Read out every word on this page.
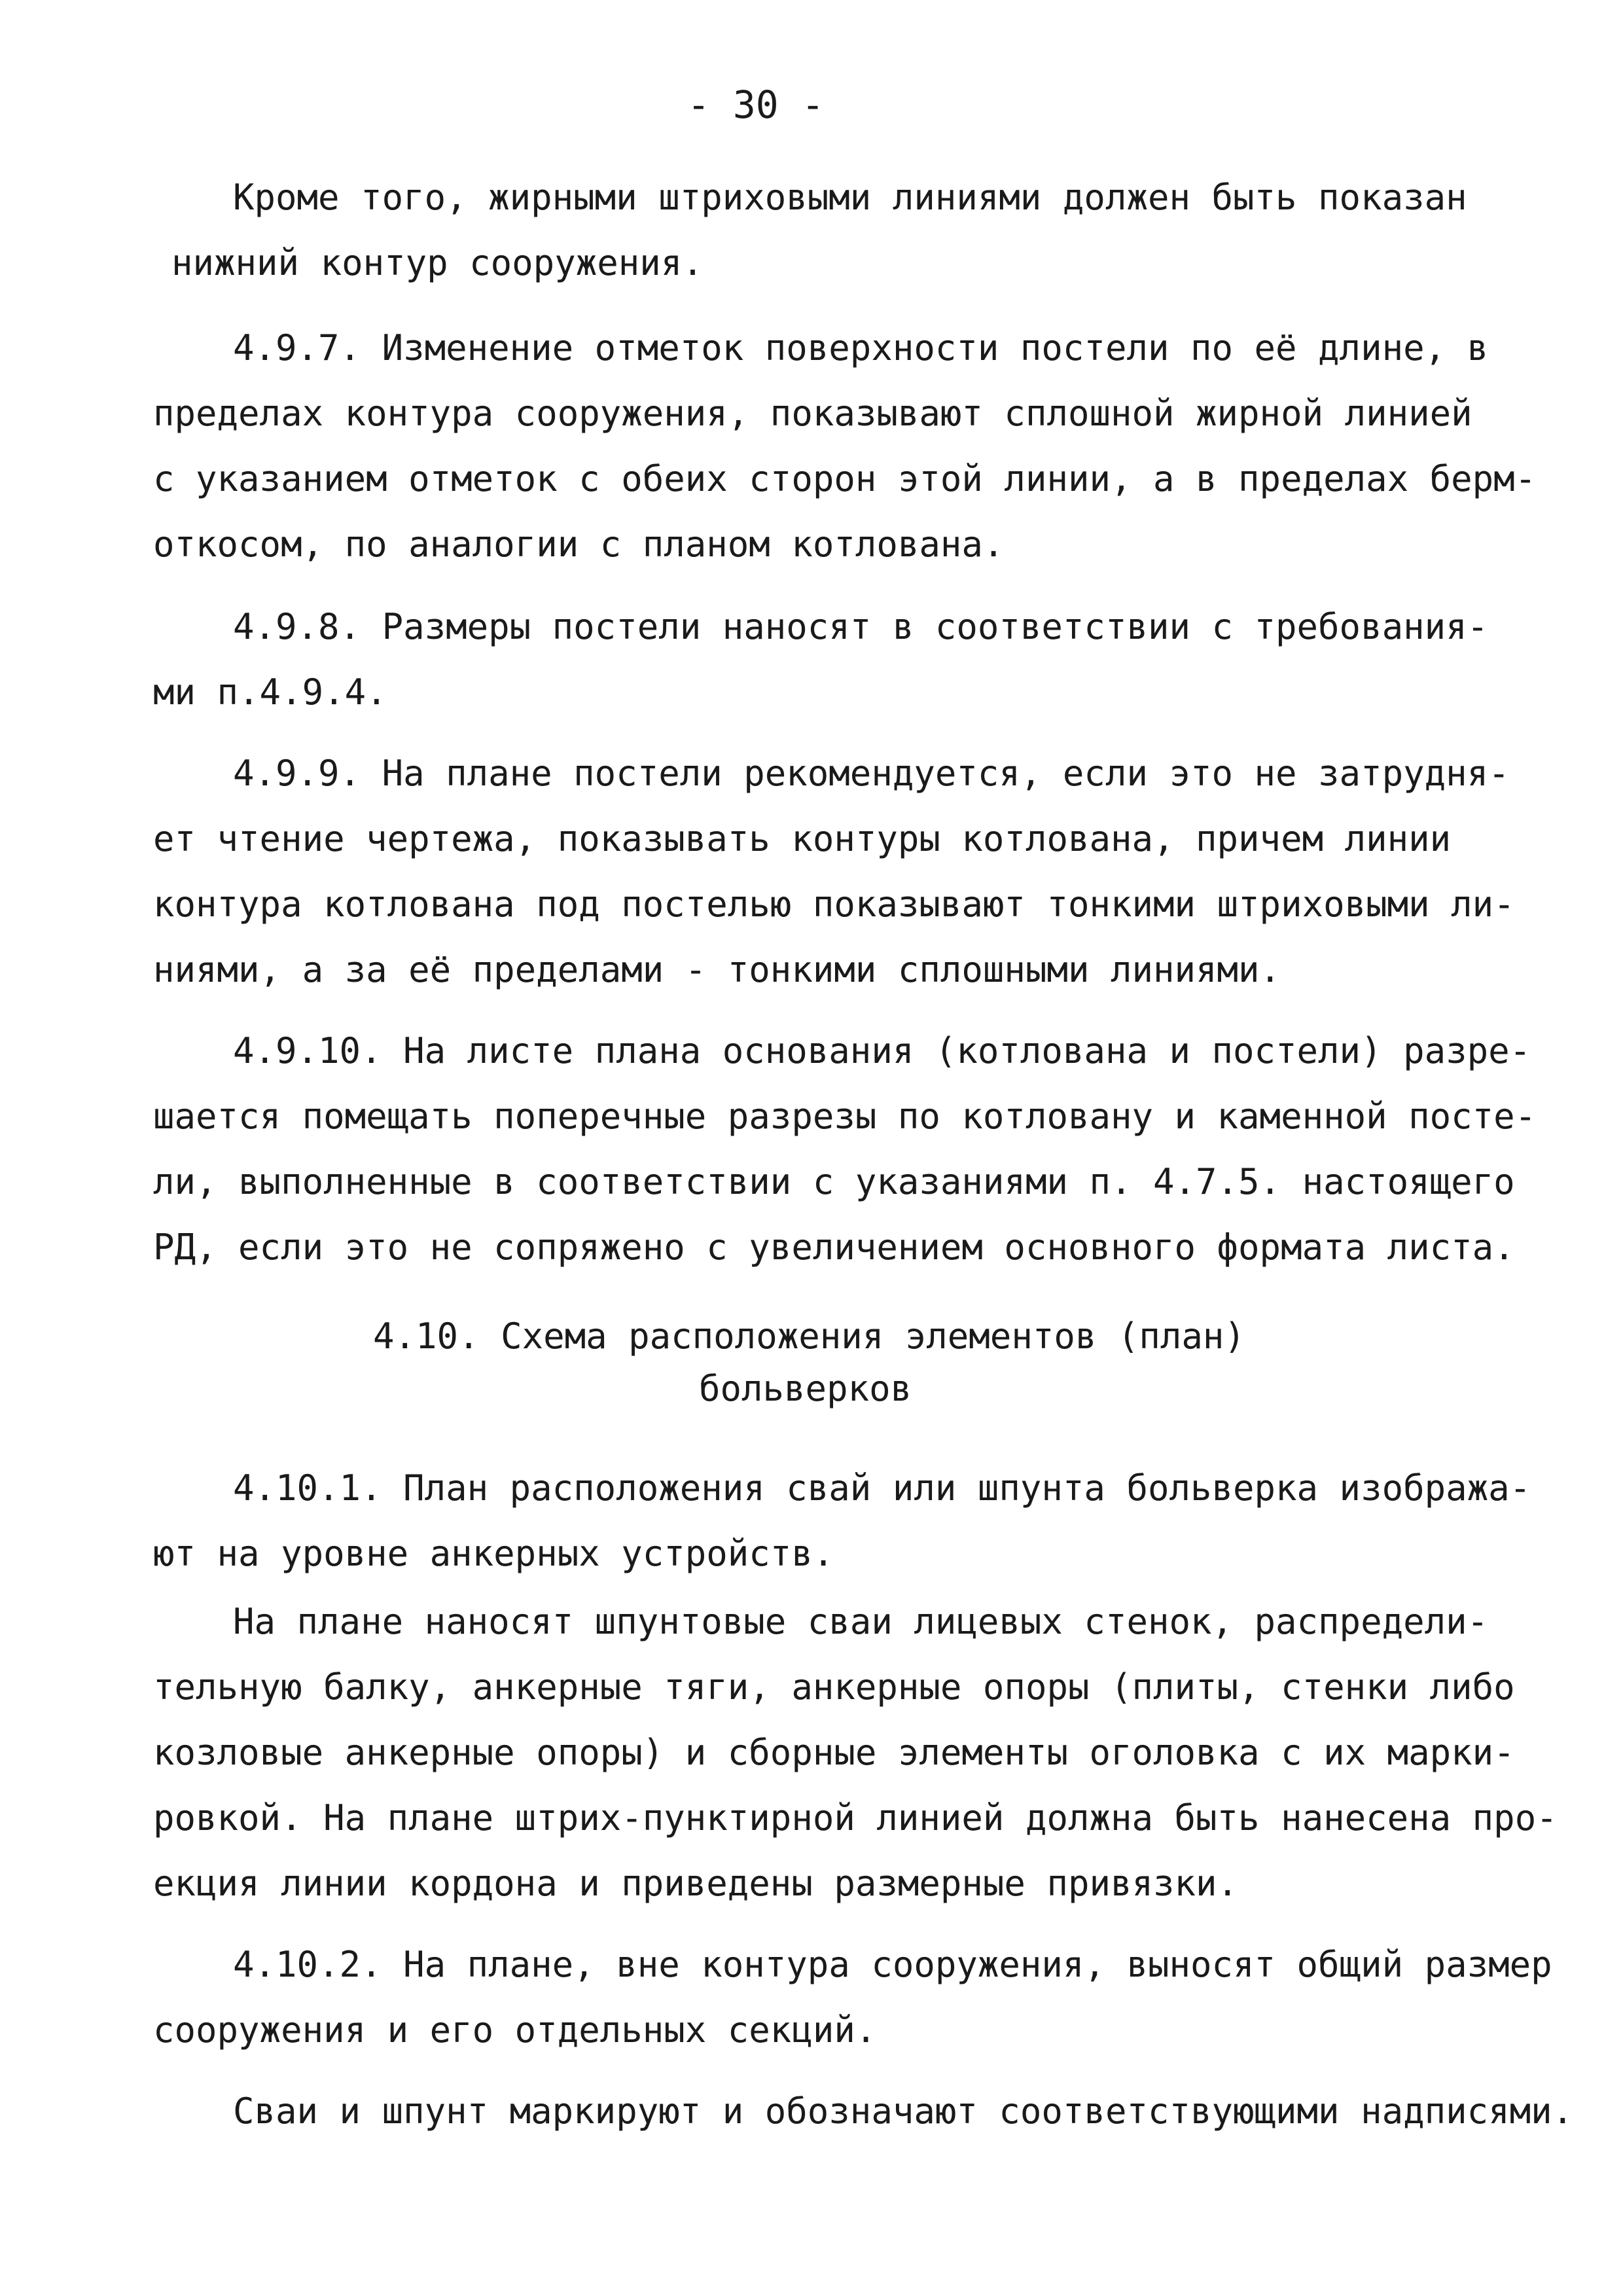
- 30 -
Кроме того, жирными штриховыми линиями должен быть показан
нижний контур сооружения.
4.9.7. Изменение отметок поверхности постели по её длине, в
пределах контура сооружения, показывают сплошной жирной линией
с указанием отметок с обеих сторон этой линии, а в пределах берм-
откосом, по аналогии с планом котлована.
4.9.8. Размеры постели наносят в соответствии с требования-
ми п.4.9.4.
4.9.9. На плане постели рекомендуется, если это не затрудня-
ет чтение чертежа, показывать контуры котлована, причем линии
контура котлована под постелью показывают тонкими штриховыми ли-
ниями, а за её пределами - тонкими сплошными линиями.
4.9.10. На листе плана основания (котлована и постели) разре-
шается помещать поперечные разрезы по котловану и каменной посте-
ли, выполненные в соответствии с указаниями п. 4.7.5. настоящего
РД, если это не сопряжено с увеличением основного формата листа.
4.10. Схема расположения элементов (план)
больверков
4.10.1. План расположения свай или шпунта больверка изобража-
ют на уровне анкерных устройств.
На плане наносят шпунтовые сваи лицевых стенок, распредели-
тельную балку, анкерные тяги, анкерные опоры (плиты, стенки либо
козловые анкерные опоры) и сборные элементы оголовка с их марки-
ровкой. На плане штрих-пунктирной линией должна быть нанесена про-
екция линии кордона и приведены размерные привязки.
4.10.2. На плане, вне контура сооружения, выносят общий размер
сооружения и его отдельных секций.
Сваи и шпунт маркируют и обозначают соответствующими надписями.
